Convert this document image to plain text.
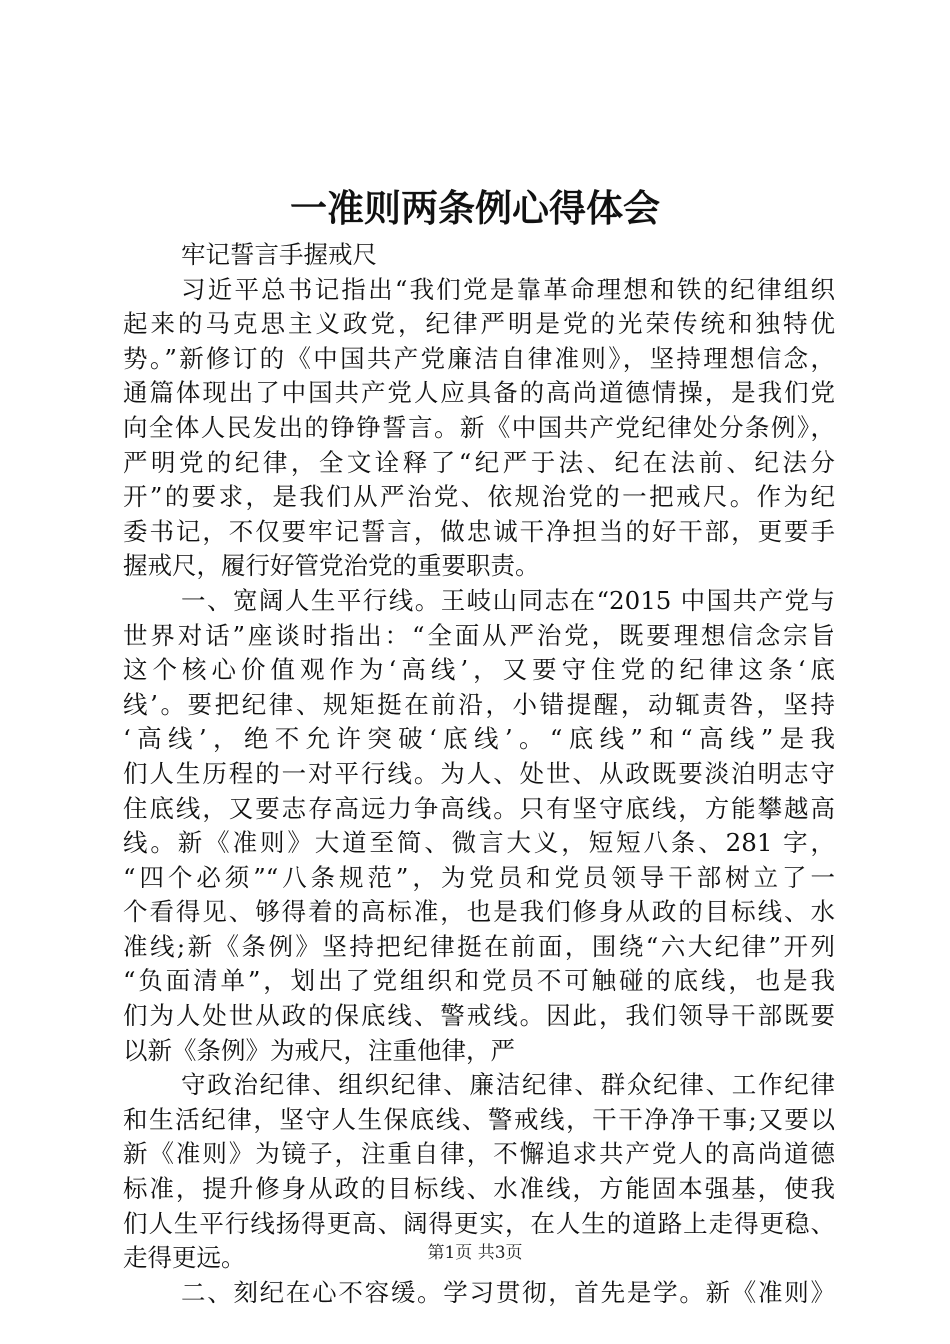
一准则两条例心得体会
牢记誓言手握戒尺
习近平总书记指出“我们党是靠革命理想和铁的纪律组织
起来的马克思主义政党，纪律严明是党的光荣传统和独特优
势。”新修订的《中国共产党廉洁自律准则》，坚持理想信念，
通篇体现出了中国共产党人应具备的高尚道德情操，是我们党
向全体人民发出的铮铮誓言。新《中国共产党纪律处分条例》，
严明党的纪律，全文诠释了“纪严于法、纪在法前、纪法分
开”的要求，是我们从严治党、依规治党的一把戒尺。作为纪
委书记，不仅要牢记誓言，做忠诚干净担当的好干部，更要手
握戒尺，履行好管党治党的重要职责。
一、宽阔人生平行线。王岐山同志在“2015 中国共产党与
世界对话”座谈时指出：“全面从严治党，既要理想信念宗旨
这个核心价值观作为‘高线’，又要守住党的纪律这条‘底
线’。要把纪律、规矩挺在前沿，小错提醒，动辄责咎，坚持
‘高线’，绝不允许突破‘底线’。“底线”和“高线”是我
们人生历程的一对平行线。为人、处世、从政既要淡泊明志守
住底线，又要志存高远力争高线。只有坚守底线，方能攀越高
线。新《准则》大道至简、微言大义，短短八条、281 字，
“四个必须”“八条规范”，为党员和党员领导干部树立了一
个看得见、够得着的高标准，也是我们修身从政的目标线、水
准线;新《条例》坚持把纪律挺在前面，围绕“六大纪律”开列
“负面清单”，划出了党组织和党员不可触碰的底线，也是我
们为人处世从政的保底线、警戒线。因此，我们领导干部既要
以新《条例》为戒尺，注重他律，严
守政治纪律、组织纪律、廉洁纪律、群众纪律、工作纪律
和生活纪律，坚守人生保底线、警戒线，干干净净干事;又要以
新《准则》为镜子，注重自律，不懈追求共产党人的高尚道德
标准，提升修身从政的目标线、水准线，方能固本强基，使我
们人生平行线扬得更高、阔得更实，在人生的道路上走得更稳、
走得更远。
二、刻纪在心不容缓。学习贯彻，首先是学。新《准则》
第1页 共3页
